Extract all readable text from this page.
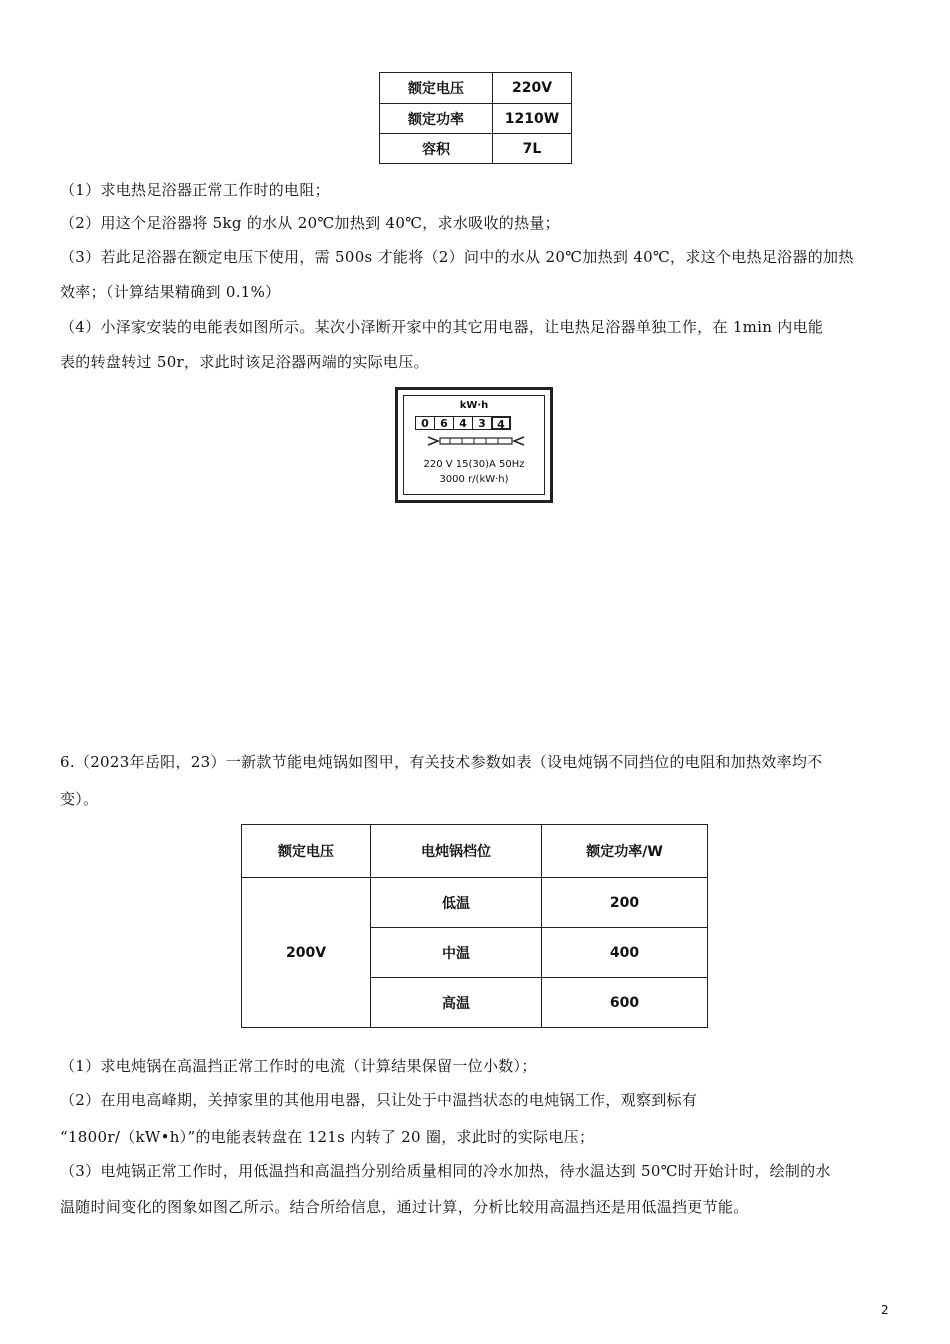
额定电压	220V
额定功率	1210W
容积	7L
（1）求电热足浴器正常工作时的电阻；
（2）用这个足浴器将 5kg 的水从 20℃加热到 40℃，求水吸收的热量；
（3）若此足浴器在额定电压下使用，需 500s 才能将（2）问中的水从 20℃加热到 40℃，求这个电热足浴器的加热
效率；（计算结果精确到 0.1%）
（4）小泽家安装的电能表如图所示。某次小泽断开家中的其它用电器，让电热足浴器单独工作，在 1min 内电能
表的转盘转过 50r，求此时该足浴器两端的实际电压。
kW·h
0	6	4	3	4
220 V 15(30)A 50Hz
3000 r/(kW·h)
6.（2023年岳阳，23）一新款节能电炖锅如图甲，有关技术参数如表（设电炖锅不同挡位的电阻和加热效率均不
变）。
额定电压	电炖锅档位	额定功率/W
200V	低温	200
	中温	400
	高温	600
（1）求电炖锅在高温挡正常工作时的电流（计算结果保留一位小数）；
（2）在用电高峰期，关掉家里的其他用电器，只让处于中温挡状态的电炖锅工作，观察到标有
“1800r/（kW•h）”的电能表转盘在 121s 内转了 20 圈，求此时的实际电压；
（3）电炖锅正常工作时，用低温挡和高温挡分别给质量相同的冷水加热，待水温达到 50℃时开始计时，绘制的水
温随时间变化的图象如图乙所示。结合所给信息，通过计算，分析比较用高温挡还是用低温挡更节能。
2
